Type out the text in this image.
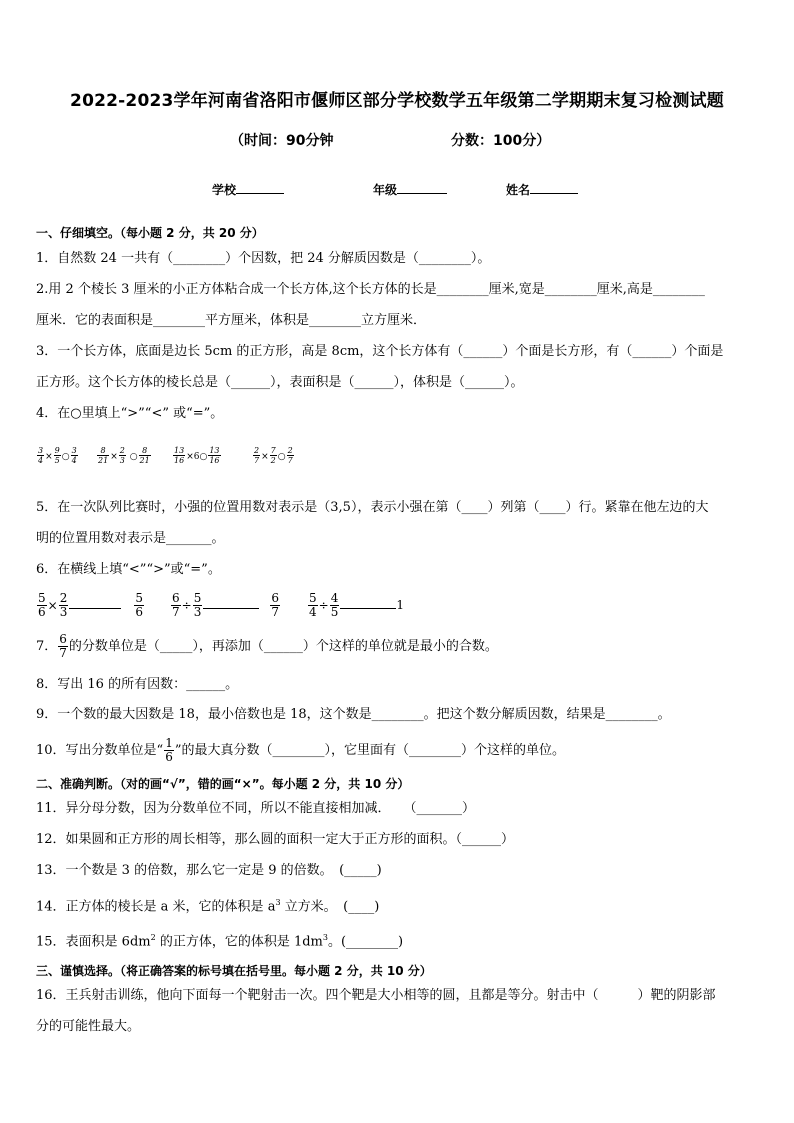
2022-2023学年河南省洛阳市偃师区部分学校数学五年级第二学期期末复习检测试题
（时间：90分钟	分数：100分）
学校	年级	姓名
一、仔细填空。（每小题 2 分，共 20 分）
1．自然数 24 一共有（________）个因数，把 24 分解质因数是（________）。
2.用 2 个棱长 3 厘米的小正方体粘合成一个长方体,这个长方体的长是________厘米,宽是________厘米,高是________
厘米．它的表面积是________平方厘米，体积是________立方厘米．
3．一个长方体，底面是边长 5cm 的正方形，高是 8cm，这个长方体有（______）个面是长方形，有（______）个面是
正方形。这个长方体的棱长总是（______），表面积是（______），体积是（______）。
4．在○里填上“>”“<” 或“=”。
$\frac{3}{4} \times \frac{9}{5}$ ○ $\frac{3}{4} \frac{8}{21} \times \frac{2}{3}$ ○ $\frac{8}{21}$	$\frac{13}{16}$ ×6○ $\frac{13}{16}$	$\frac{2}{7} \times \frac{7}{2}$ ○ $\frac{2}{7}$
5．在一次队列比赛时，小强的位置用数对表示是（3,5），表示小强在第（____）列第（____）行。紧靠在他左边的大
明的位置用数对表示是_______。
6．在横线上填“<”“>”或“=”。
$\frac{5}{6} \times \frac{2}{3}$	$\frac{5}{6} \frac{6}{7} \div \frac{5}{3}$	$\frac{6}{7} \frac{5}{4} \div \frac{4}{5}$	1
7． $\frac{6}{7}$ 的分数单位是（_____），再添加（______）个这样的单位就是最小的合数。
8．写出 16 的所有因数：______。
9．一个数的最大因数是 18，最小倍数也是 18，这个数是________。把这个数分解质因数，结果是________。
10．写出分数单位是“ $\frac{1}{6}$ ”的最大真分数（________），它里面有（________）个这样的单位。
二、准确判断。（对的画“√”，错的画“×”。每小题 2 分，共 10 分）
11．异分母分数，因为分数单位不同，所以不能直接相加减．　　（_______）
12．如果圆和正方形的周长相等，那么圆的面积一定大于正方形的面积。（______）
13．一个数是 3 的倍数，那么它一定是 9 的倍数。　(_____)
14．正方体的棱长是 a 米，它的体积是 $a^3$ 立方米。　(____)
15．表面积是 $6dm^2$ 的正方体，它的体积是 $1dm^3$。(________)
三、谨慎选择。（将正确答案的标号填在括号里。每小题 2 分，共 10 分）
16．王兵射击训练，他向下面每一个靶射击一次。四个靶是大小相等的圆，且都是等分。射击中（　　　）靶的阴影部
分的可能性最大。
